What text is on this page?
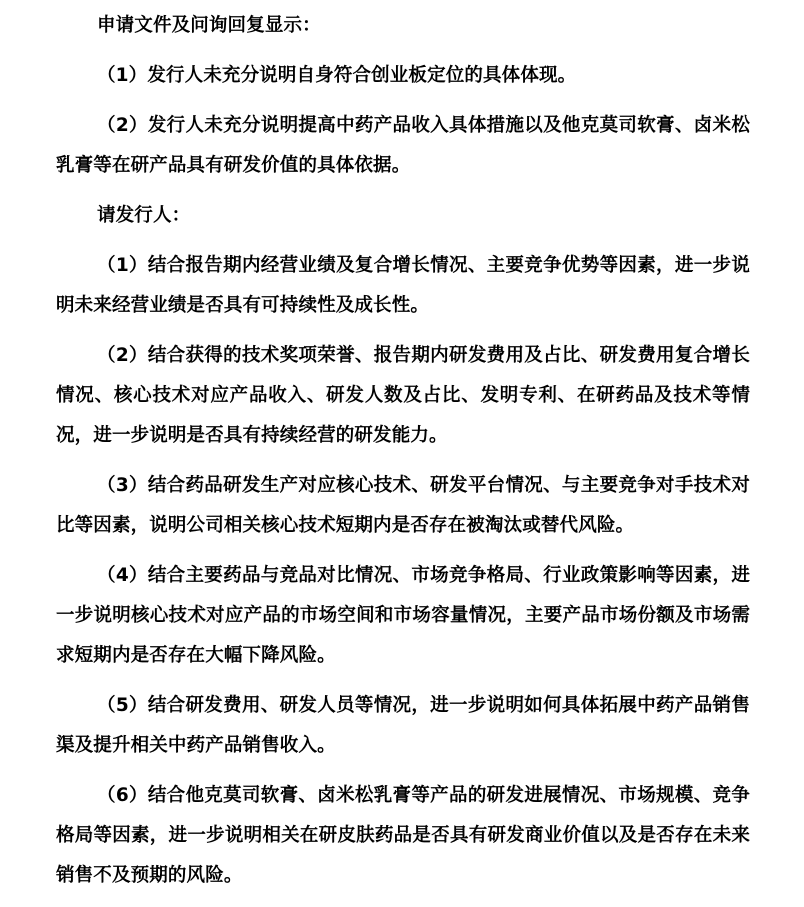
申请文件及问询回复显示：

（1）发行人未充分说明自身符合创业板定位的具体体现。

（2）发行人未充分说明提高中药产品收入具体措施以及他克莫司软膏、卤米松乳膏等在研产品具有研发价值的具体依据。

请发行人：

（1）结合报告期内经营业绩及复合增长情况、主要竞争优势等因素，进一步说明未来经营业绩是否具有可持续性及成长性。

（2）结合获得的技术奖项荣誉、报告期内研发费用及占比、研发费用复合增长情况、核心技术对应产品收入、研发人数及占比、发明专利、在研药品及技术等情况，进一步说明是否具有持续经营的研发能力。

（3）结合药品研发生产对应核心技术、研发平台情况、与主要竞争对手技术对比等因素，说明公司相关核心技术短期内是否存在被淘汰或替代风险。

（4）结合主要药品与竞品对比情况、市场竞争格局、行业政策影响等因素，进一步说明核心技术对应产品的市场空间和市场容量情况，主要产品市场份额及市场需求短期内是否存在大幅下降风险。

（5）结合研发费用、研发人员等情况，进一步说明如何具体拓展中药产品销售渠及提升相关中药产品销售收入。

（6）结合他克莫司软膏、卤米松乳膏等产品的研发进展情况、市场规模、竞争格局等因素，进一步说明相关在研皮肤药品是否具有研发商业价值以及是否存在未来销售不及预期的风险。
